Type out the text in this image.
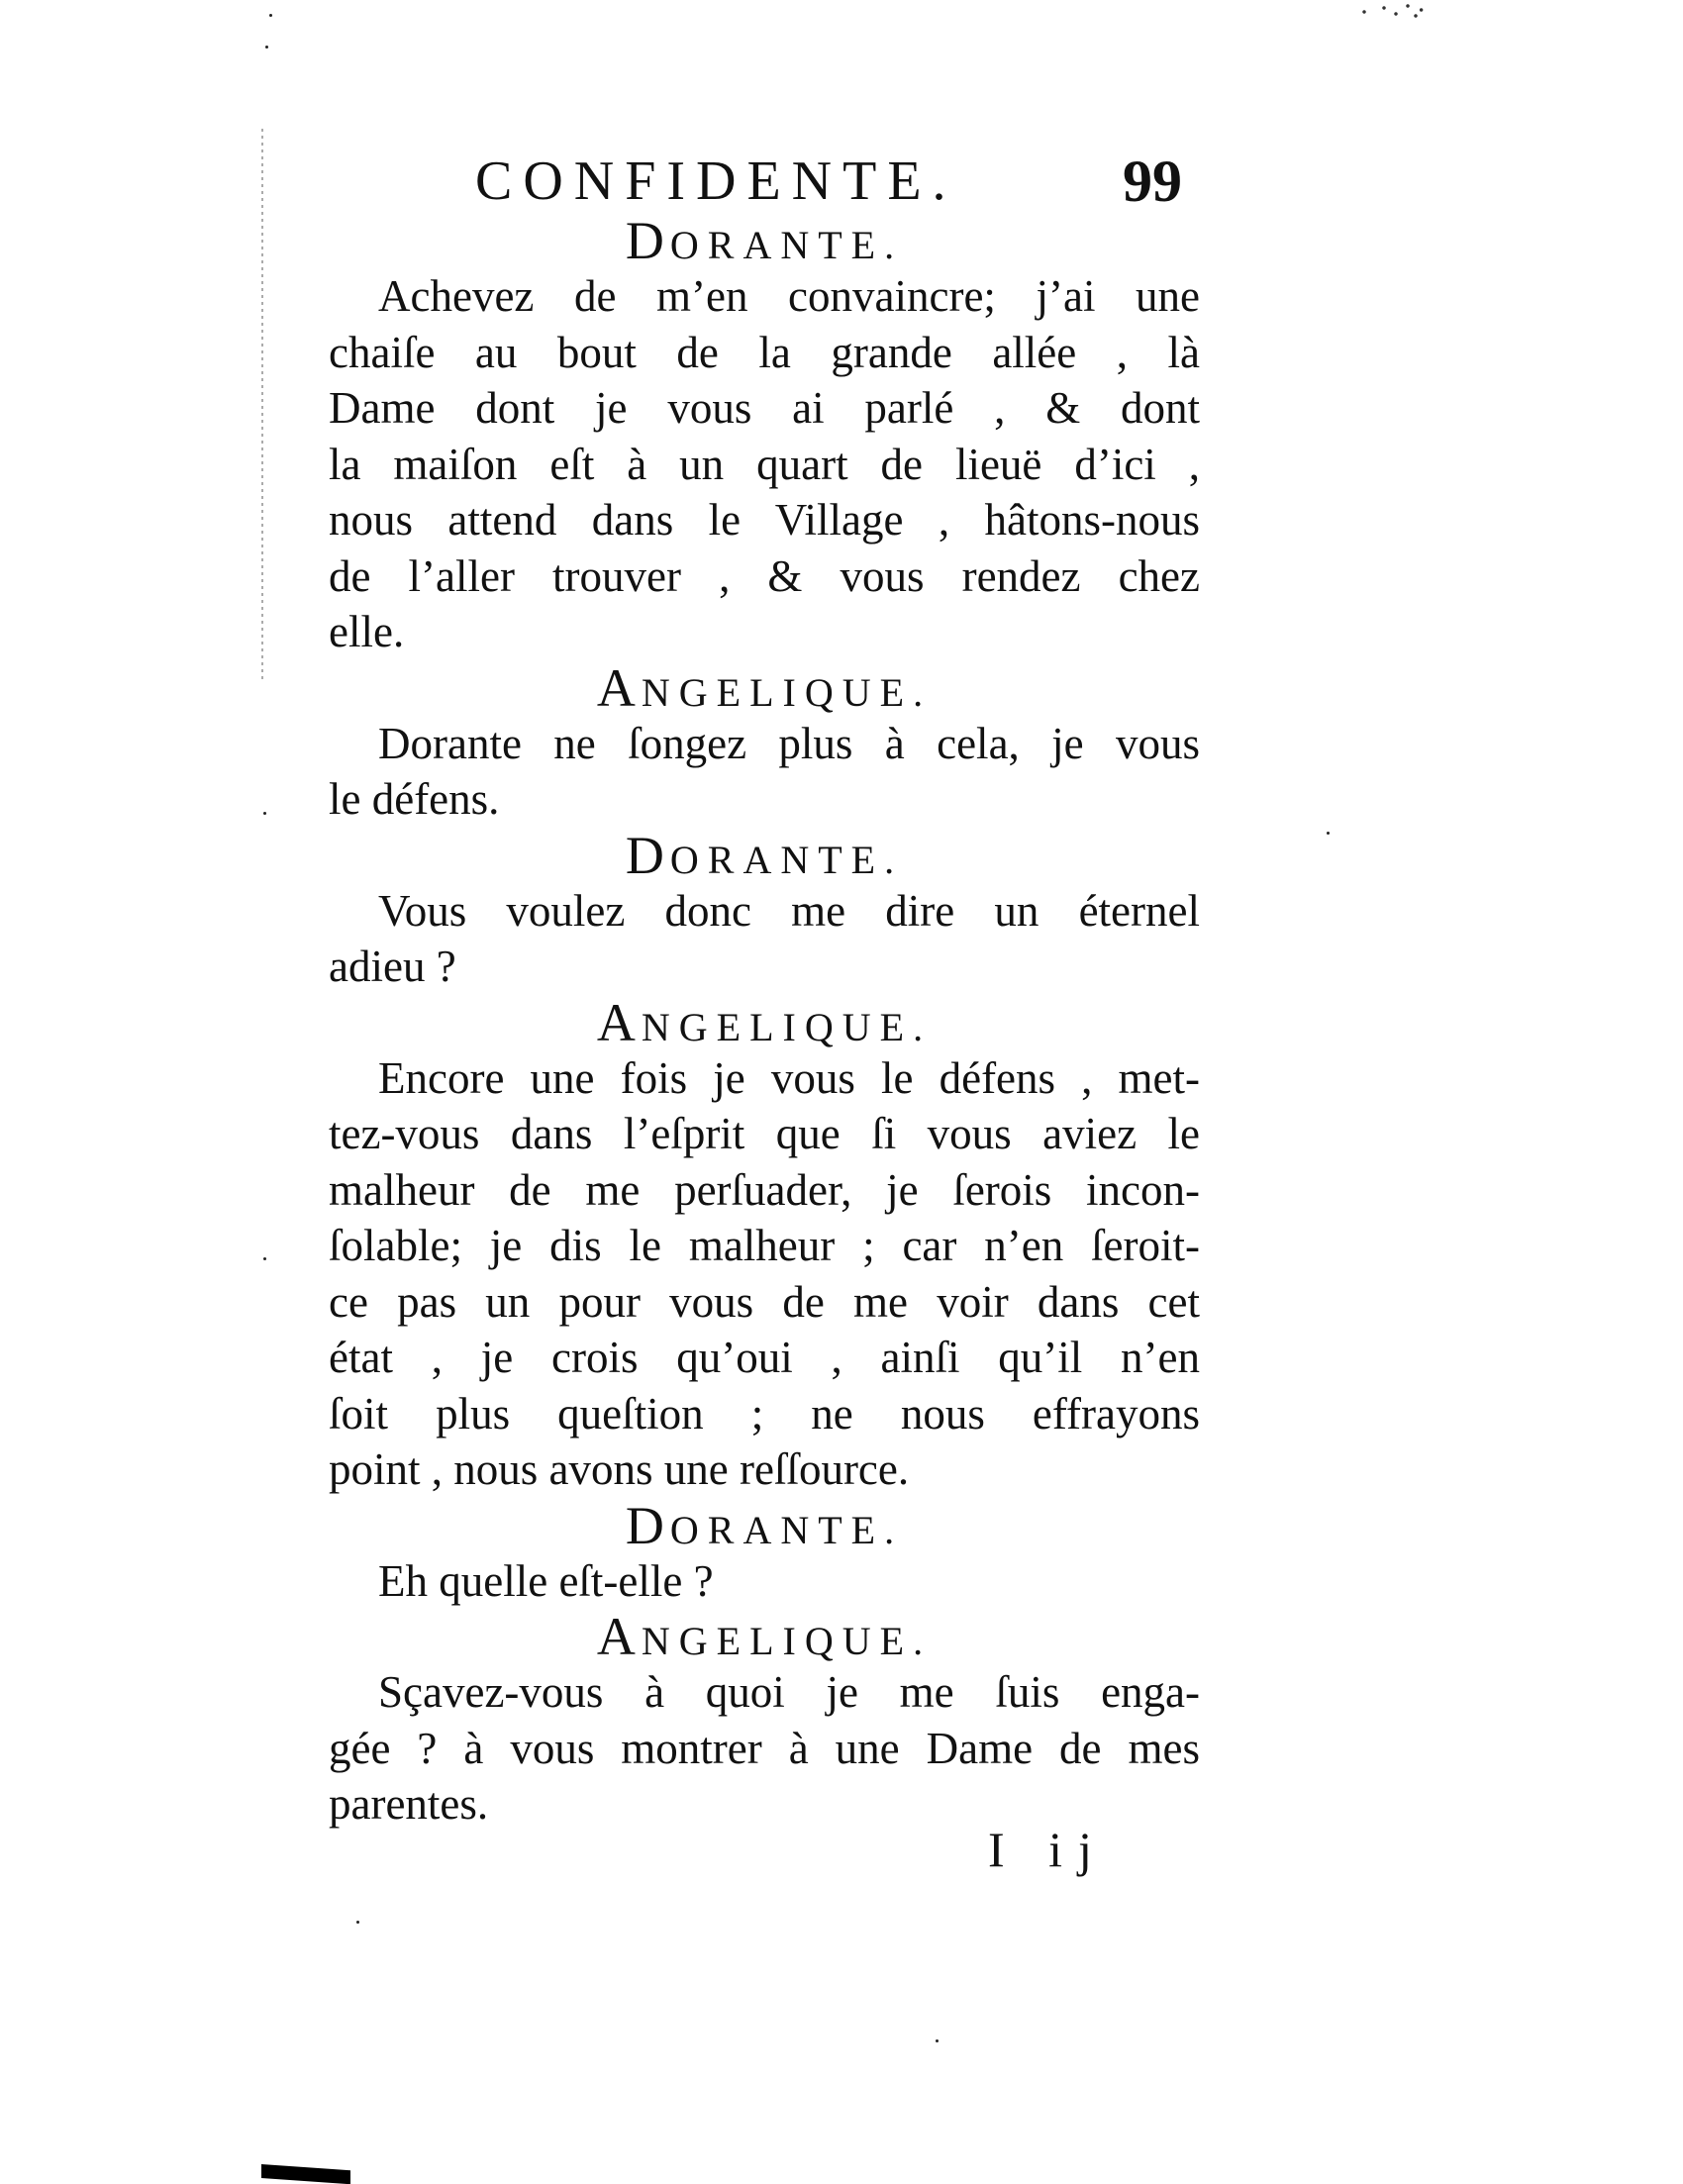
CONFIDENTE.	99
DORANTE.
Achevez de m’en convaincre; j’ai une
chaiſe au bout de la grande allée , là
Dame dont je vous ai parlé , & dont
la maiſon eſt à un quart de lieuë d’ici ,
nous attend dans le Village , hâtons-nous
de l’aller trouver , & vous rendez chez
elle.
ANGELIQUE.
Dorante ne ſongez plus à cela, je vous
le défens.
DORANTE.
Vous voulez donc me dire un éternel
adieu ?
ANGELIQUE.
Encore une fois je vous le défens , met-
tez-vous dans l’eſprit que ſi vous aviez le
malheur de me perſuader, je ſerois incon-
ſolable; je dis le malheur ; car n’en ſeroit-
ce pas un pour vous de me voir dans cet
état , je crois qu’oui , ainſi qu’il n’en
ſoit plus queſtion ; ne nous effrayons
point , nous avons une reſſource.
DORANTE.
Eh quelle eſt-elle ?
ANGELIQUE.
Sçavez-vous à quoi je me ſuis enga-
gée ? à vous montrer à une Dame de mes
parentes.
I ij
